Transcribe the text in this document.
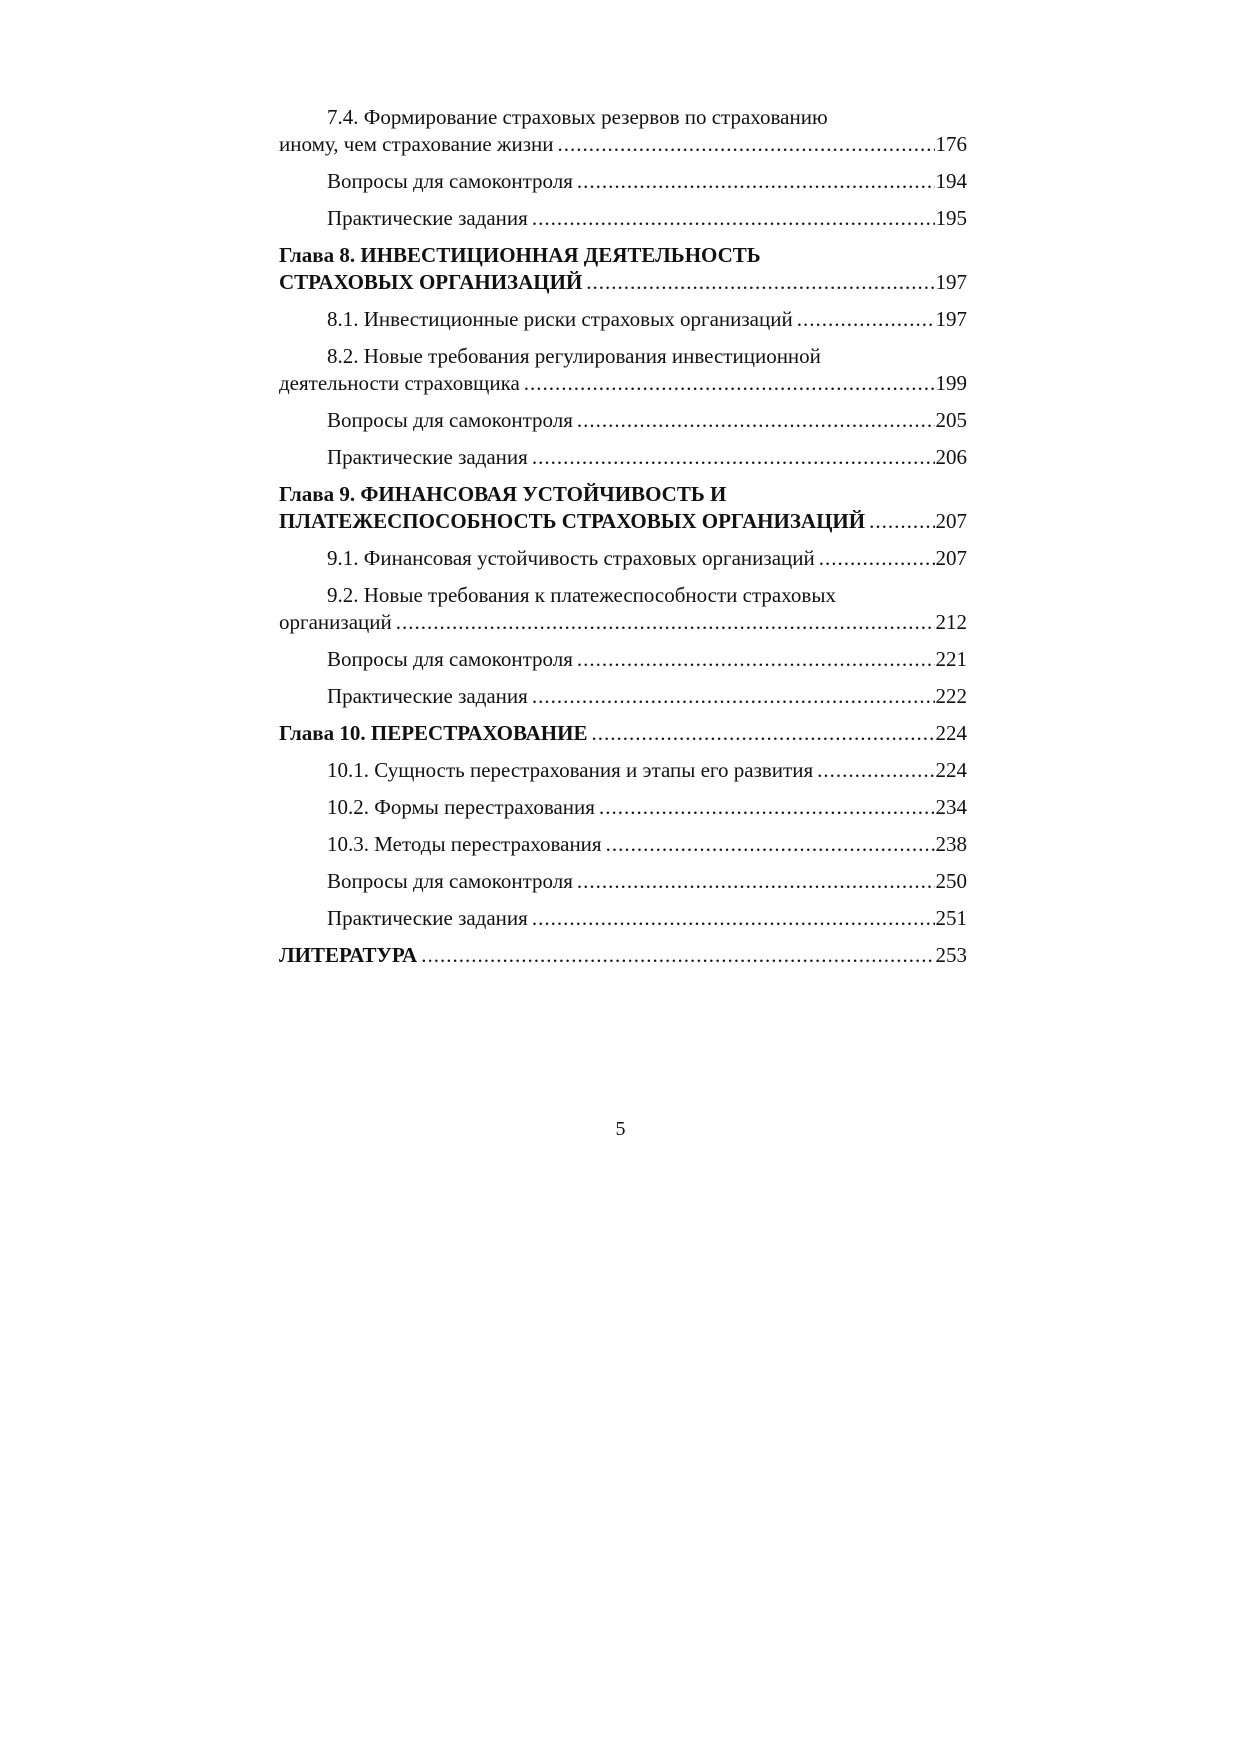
7.4. Формирование страховых резервов по страхованию
иному, чем страхование жизни .....	176
Вопросы для самоконтроля .....	194
Практические задания .....	195
Глава 8. ИНВЕСТИЦИОННАЯ ДЕЯТЕЛЬНОСТЬ
СТРАХОВЫХ ОРГАНИЗАЦИЙ .....	197
8.1. Инвестиционные риски страховых организаций .....	197
8.2. Новые требования регулирования инвестиционной
деятельности страховщика .....	199
Вопросы для самоконтроля .....	205
Практические задания .....	206
Глава 9. ФИНАНСОВАЯ УСТОЙЧИВОСТЬ И
ПЛАТЕЖЕСПОСОБНОСТЬ СТРАХОВЫХ ОРГАНИЗАЦИЙ .....	207
9.1. Финансовая устойчивость страховых организаций .....	207
9.2. Новые требования к платежеспособности страховых
организаций .....	212
Вопросы для самоконтроля .....	221
Практические задания .....	222
Глава 10. ПЕРЕСТРАХОВАНИЕ .....	224
10.1. Сущность перестрахования и этапы его развития .....	224
10.2. Формы перестрахования .....	234
10.3. Методы перестрахования .....	238
Вопросы для самоконтроля .....	250
Практические задания .....	251
ЛИТЕРАТУРА .....	253
5
